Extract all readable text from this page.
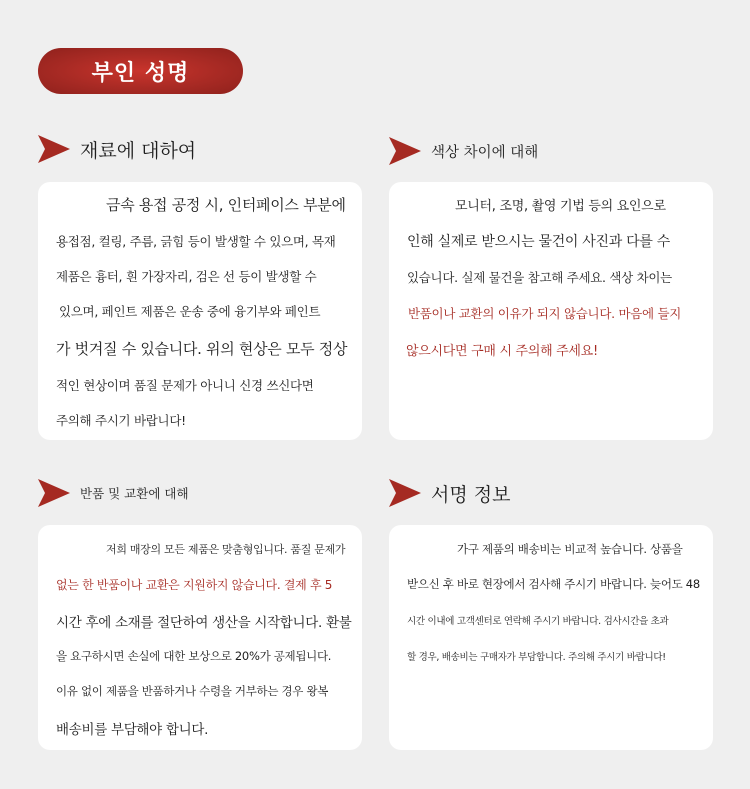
부인 성명
재료에 대하여
금속 용접 공정 시, 인터페이스 부분에
용접점, 컬링, 주름, 긁힘 등이 발생할 수 있으며, 목재
제품은 흉터, 흰 가장자리, 검은 선 등이 발생할 수
있으며, 페인트 제품은 운송 중에 융기부와 페인트
가 벗겨질 수 있습니다. 위의 현상은 모두 정상
적인 현상이며 품질 문제가 아니니 신경 쓰신다면
주의해 주시기 바랍니다!
색상 차이에 대해
모니터, 조명, 촬영 기법 등의 요인으로
인해 실제로 받으시는 물건이 사진과 다를 수
있습니다. 실제 물건을 참고해 주세요. 색상 차이는
반품이나 교환의 이유가 되지 않습니다. 마음에 들지
않으시다면 구매 시 주의해 주세요!
반품 및 교환에 대해
저희 매장의 모든 제품은 맞춤형입니다. 품질 문제가
없는 한 반품이나 교환은 지원하지 않습니다. 결제 후 5
시간 후에 소재를 절단하여 생산을 시작합니다. 환불
을 요구하시면 손실에 대한 보상으로 20%가 공제됩니다.
이유 없이 제품을 반품하거나 수령을 거부하는 경우 왕복
배송비를 부담해야 합니다.
서명 정보
가구 제품의 배송비는 비교적 높습니다. 상품을
받으신 후 바로 현장에서 검사해 주시기 바랍니다. 늦어도 48
시간 이내에 고객센터로 연락해 주시기 바랍니다. 검사시간을 초과
할 경우, 배송비는 구매자가 부담합니다. 주의해 주시기 바랍니다!
